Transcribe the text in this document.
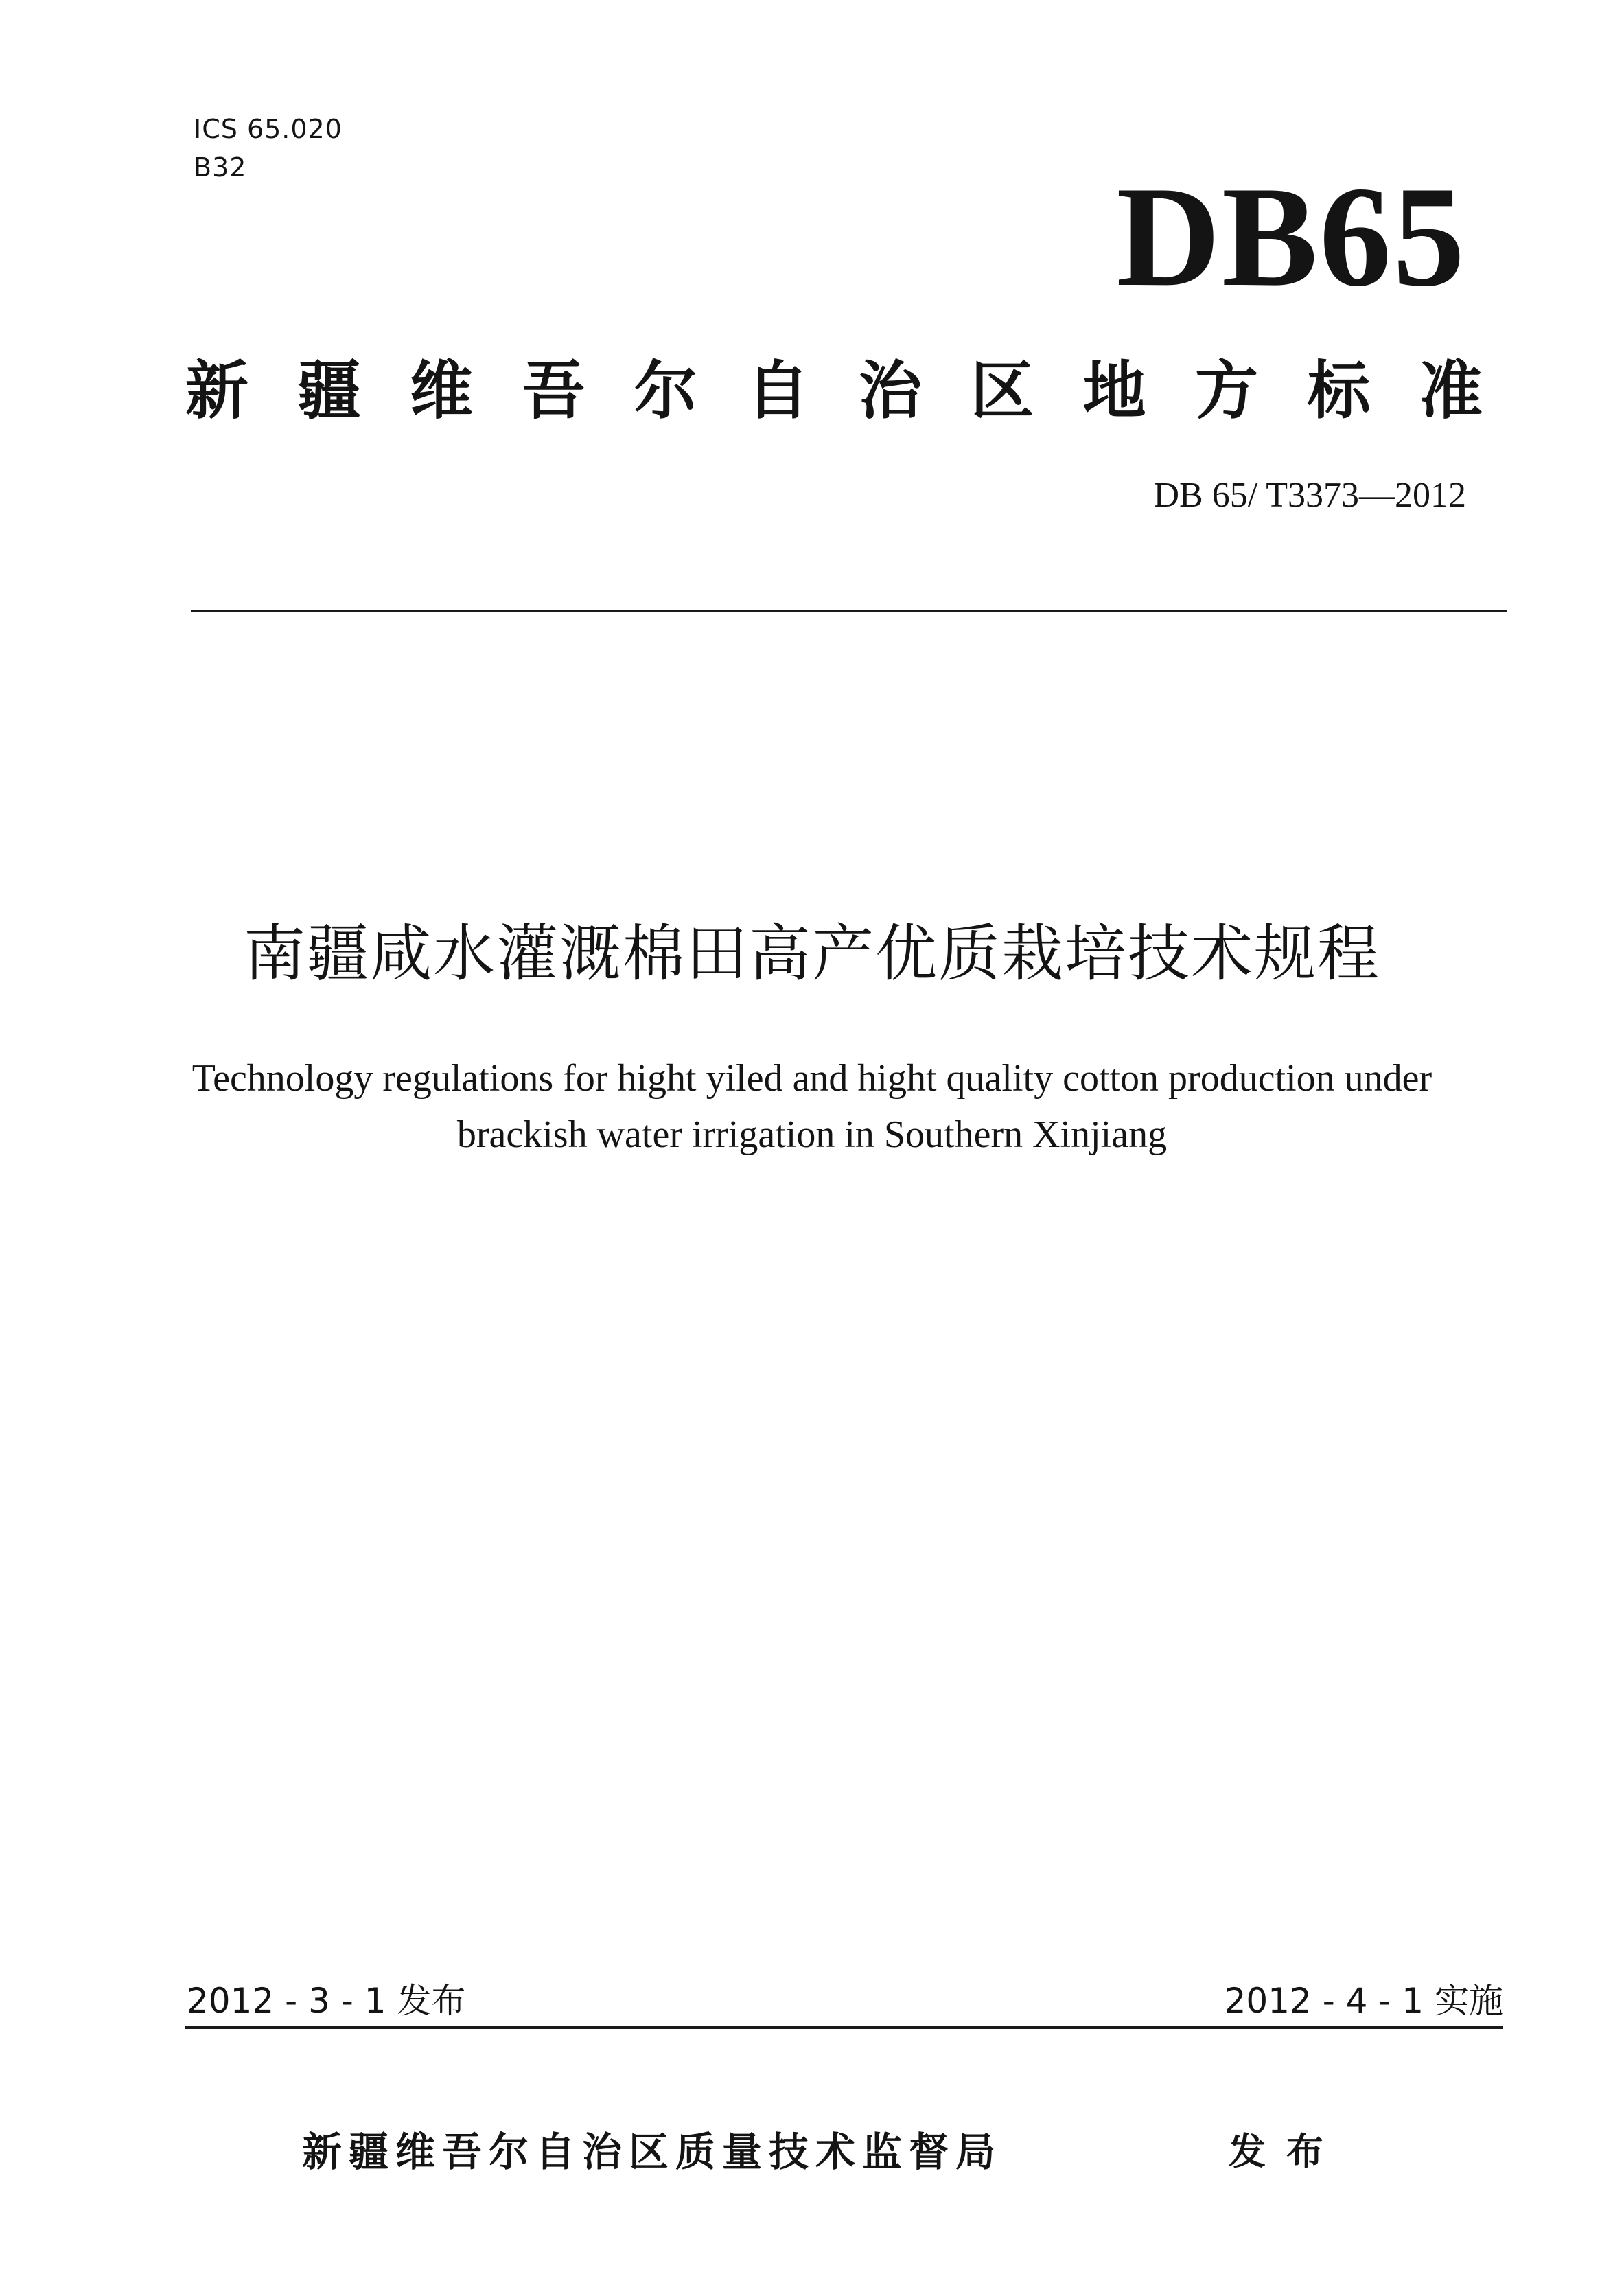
ICS 65.020
B32	DB65
新疆维吾尔自治区地方标准
DB 65/ T3373—2012
南疆咸水灌溉棉田高产优质栽培技术规程
Technology regulations for hight yiled and hight quality cotton production under
brackish water irrigation in Southern Xinjiang
2012 - 3 - 1 发布	2012 - 4 - 1 实施
新疆维吾尔自治区质量技术监督局	发布
